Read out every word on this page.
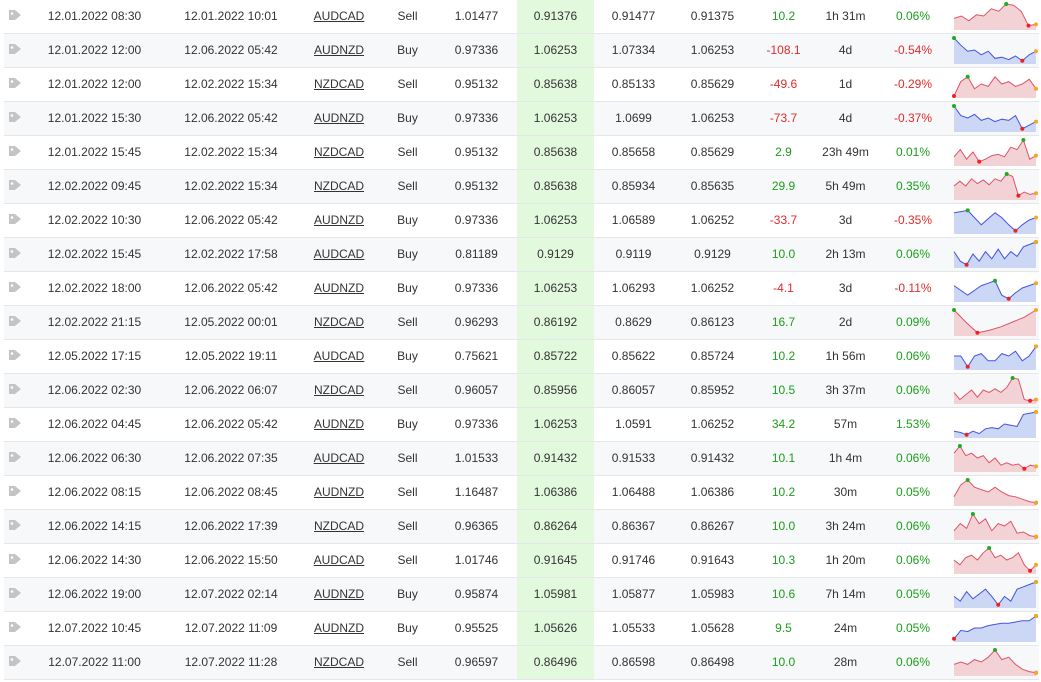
	12.01.2022 08:30	12.01.2022 10:01	AUDCAD	Sell	1.01477	0.91376	0.91477	0.91375	10.2	1h 31m	0.06%	

	12.01.2022 12:00	12.06.2022 05:42	AUDNZD	Buy	0.97336	1.06253	1.07334	1.06253	-108.1	4d	-0.54%	

	12.01.2022 12:00	12.02.2022 15:34	NZDCAD	Sell	0.95132	0.85638	0.85133	0.85629	-49.6	1d	-0.29%	

	12.01.2022 15:30	12.06.2022 05:42	AUDNZD	Buy	0.97336	1.06253	1.0699	1.06253	-73.7	4d	-0.37%	

	12.01.2022 15:45	12.02.2022 15:34	NZDCAD	Sell	0.95132	0.85638	0.85658	0.85629	2.9	23h 49m	0.01%	

	12.02.2022 09:45	12.02.2022 15:34	NZDCAD	Sell	0.95132	0.85638	0.85934	0.85635	29.9	5h 49m	0.35%	

	12.02.2022 10:30	12.06.2022 05:42	AUDNZD	Buy	0.97336	1.06253	1.06589	1.06252	-33.7	3d	-0.35%	

	12.02.2022 15:45	12.02.2022 17:58	AUDCAD	Buy	0.81189	0.9129	0.9119	0.9129	10.0	2h 13m	0.06%	

	12.02.2022 18:00	12.06.2022 05:42	AUDNZD	Buy	0.97336	1.06253	1.06293	1.06252	-4.1	3d	-0.11%	

	12.02.2022 21:15	12.05.2022 00:01	NZDCAD	Sell	0.96293	0.86192	0.8629	0.86123	16.7	2d	0.09%	

	12.05.2022 17:15	12.05.2022 19:11	AUDCAD	Buy	0.75621	0.85722	0.85622	0.85724	10.2	1h 56m	0.06%	

	12.06.2022 02:30	12.06.2022 06:07	NZDCAD	Sell	0.96057	0.85956	0.86057	0.85952	10.5	3h 37m	0.06%	

	12.06.2022 04:45	12.06.2022 05:42	AUDNZD	Buy	0.97336	1.06253	1.0591	1.06252	34.2	57m	1.53%	

	12.06.2022 06:30	12.06.2022 07:35	AUDCAD	Sell	1.01533	0.91432	0.91533	0.91432	10.1	1h 4m	0.06%	

	12.06.2022 08:15	12.06.2022 08:45	AUDNZD	Sell	1.16487	1.06386	1.06488	1.06386	10.2	30m	0.05%	

	12.06.2022 14:15	12.06.2022 17:39	NZDCAD	Sell	0.96365	0.86264	0.86367	0.86267	10.0	3h 24m	0.06%	

	12.06.2022 14:30	12.06.2022 15:50	AUDCAD	Sell	1.01746	0.91645	0.91746	0.91643	10.3	1h 20m	0.06%	

	12.06.2022 19:00	12.07.2022 02:14	AUDNZD	Buy	0.95874	1.05981	1.05877	1.05983	10.6	7h 14m	0.05%	

	12.07.2022 10:45	12.07.2022 11:09	AUDNZD	Buy	0.95525	1.05626	1.05533	1.05628	9.5	24m	0.05%	

	12.07.2022 11:00	12.07.2022 11:28	NZDCAD	Sell	0.96597	0.86496	0.86598	0.86498	10.0	28m	0.06%	
